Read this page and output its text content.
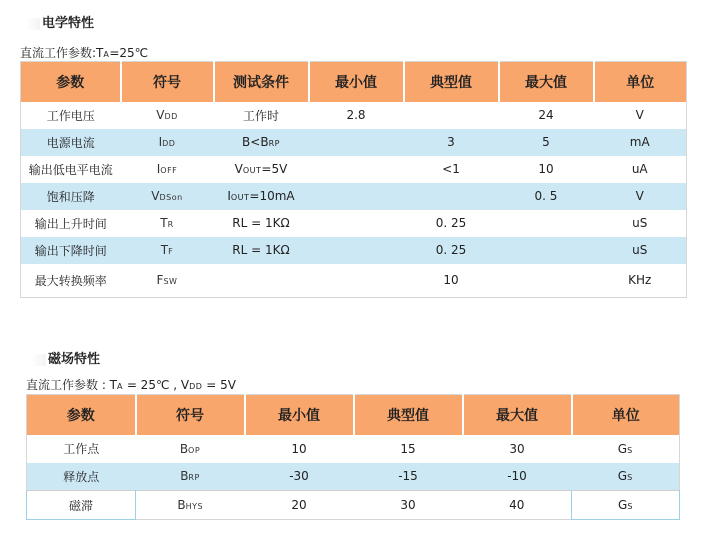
电学特性
直流工作参数:TA=25℃
参数	符号	测试条件	最小值	典型值	最大值	单位
工作电压	VDD	工作时	2.8		24	V
电源电流	IDD	B<BRP		3	5	mA
输出低电平电流	IOFF	VOUT=5V		<1	10	uA
饱和压降	VDSon	IOUT=10mA			0. 5	V
输出上升时间	TR	RL = 1KΩ		0. 25		uS
输出下降时间	TF	RL = 1KΩ		0. 25		uS
最大转换频率	FSW			10		KHz
磁场特性
直流工作参数 : TA = 25℃ , VDD = 5V
参数	符号	最小值	典型值	最大值	单位
工作点	BOP	10	15	30	GS
释放点	BRP	-30	-15	-10	GS
磁滞	BHYS	20	30	40	GS
